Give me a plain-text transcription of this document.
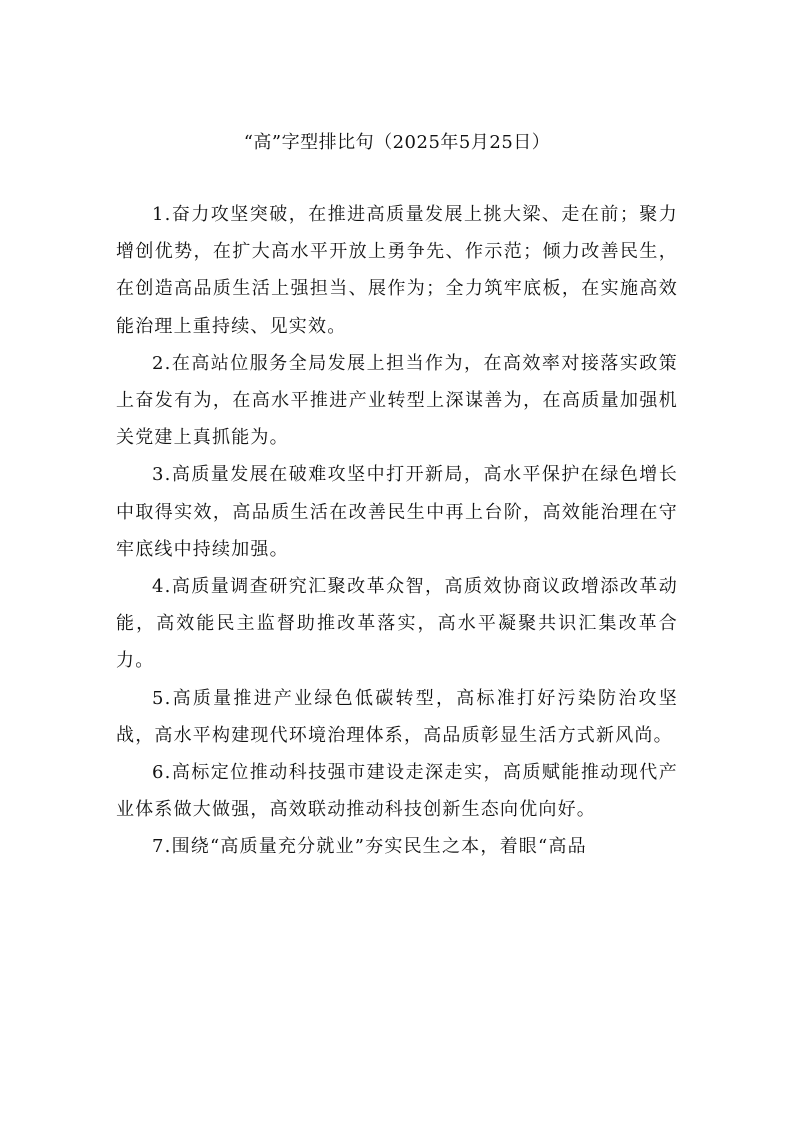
“高”字型排比句（2025年5月25日）

1.奋力攻坚突破，在推进高质量发展上挑大梁、走在前；聚力增创优势，在扩大高水平开放上勇争先、作示范；倾力改善民生，在创造高品质生活上强担当、展作为；全力筑牢底板，在实施高效能治理上重持续、见实效。

2.在高站位服务全局发展上担当作为，在高效率对接落实政策上奋发有为，在高水平推进产业转型上深谋善为，在高质量加强机关党建上真抓能为。

3.高质量发展在破难攻坚中打开新局，高水平保护在绿色增长中取得实效，高品质生活在改善民生中再上台阶，高效能治理在守牢底线中持续加强。

4.高质量调查研究汇聚改革众智，高质效协商议政增添改革动能，高效能民主监督助推改革落实，高水平凝聚共识汇集改革合力。

5.高质量推进产业绿色低碳转型，高标准打好污染防治攻坚战，高水平构建现代环境治理体系，高品质彰显生活方式新风尚。

6.高标定位推动科技强市建设走深走实，高质赋能推动现代产业体系做大做强，高效联动推动科技创新生态向优向好。

7.围绕“高质量充分就业”夯实民生之本，着眼“高品
